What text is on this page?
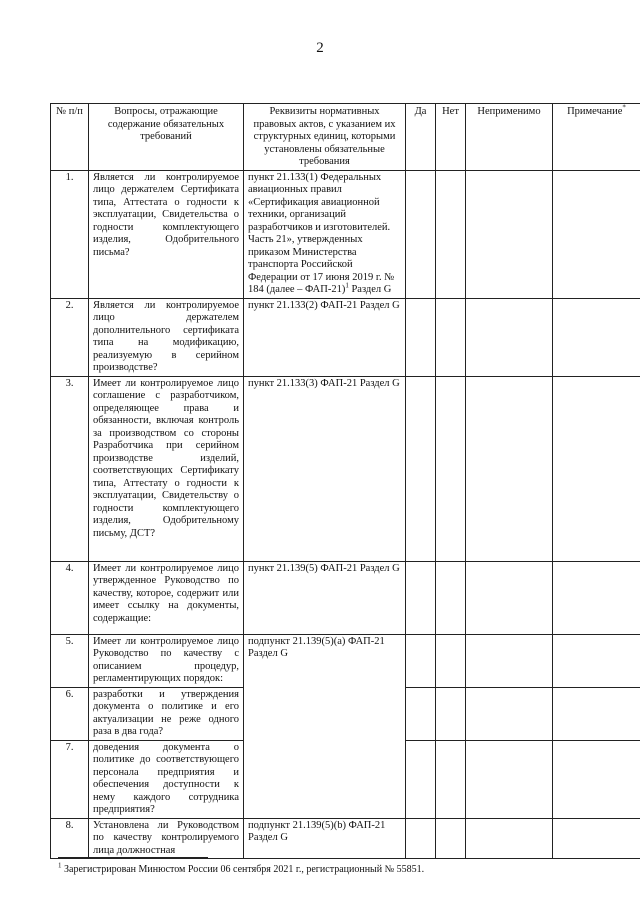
2
№ п/п	Вопросы, отражающие содержание обязательных требований	Реквизиты нормативных правовых актов, с указанием их структурных единиц, которыми установлены обязательные требования	Да	Нет	Неприменимо	Примечание*
1.	Является ли контролируемое лицо держателем Сертификата типа, Аттестата о годности к эксплуатации, Свидетельства о годности комплектующего изделия, Одобрительного письма?	пункт 21.133(1) Федеральных авиационных правил «Сертификация авиационной техники, организаций разработчиков и изготовителей. Часть 21», утвержденных приказом Министерства транспорта Российской Федерации от 17 июня 2019 г. № 184 (далее – ФАП-21)$^1$ Раздел G				
2.	Является ли контролируемое лицо держателем дополнительного сертификата типа на модификацию, реализуемую в серийном производстве?	пункт 21.133(2) ФАП-21 Раздел G				
3.	Имеет ли контролируемое лицо соглашение с разработчиком, определяющее права и обязанности, включая контроль за производством со стороны Разработчика при серийном производстве изделий, соответствующих Сертификату типа, Аттестату о годности к эксплуатации, Свидетельству о годности комплектующего изделия, Одобрительному письму, ДСТ?	пункт 21.133(3) ФАП-21 Раздел G				
4.	Имеет ли контролируемое лицо утвержденное Руководство по качеству, которое, содержит или имеет ссылку на документы, содержащие:	пункт 21.139(5) ФАП-21 Раздел G				
5.	Имеет ли контролируемое лицо Руководство по качеству с описанием процедур, регламентирующих порядок:	подпункт 21.139(5)(а) ФАП-21 Раздел G				
6.	разработки и утверждения документа о политике и его актуализации не реже одного раза в два года?					
7.	доведения документа о политике до соответствующего персонала предприятия и обеспечения доступности к нему каждого сотрудника предприятия?					
8.	Установлена ли Руководством по качеству контролируемого лица должностная	подпункт 21.139(5)(b) ФАП-21 Раздел G				
$^1$ Зарегистрирован Минюстом России 06 сентября 2021 г., регистрационный № 55851.
